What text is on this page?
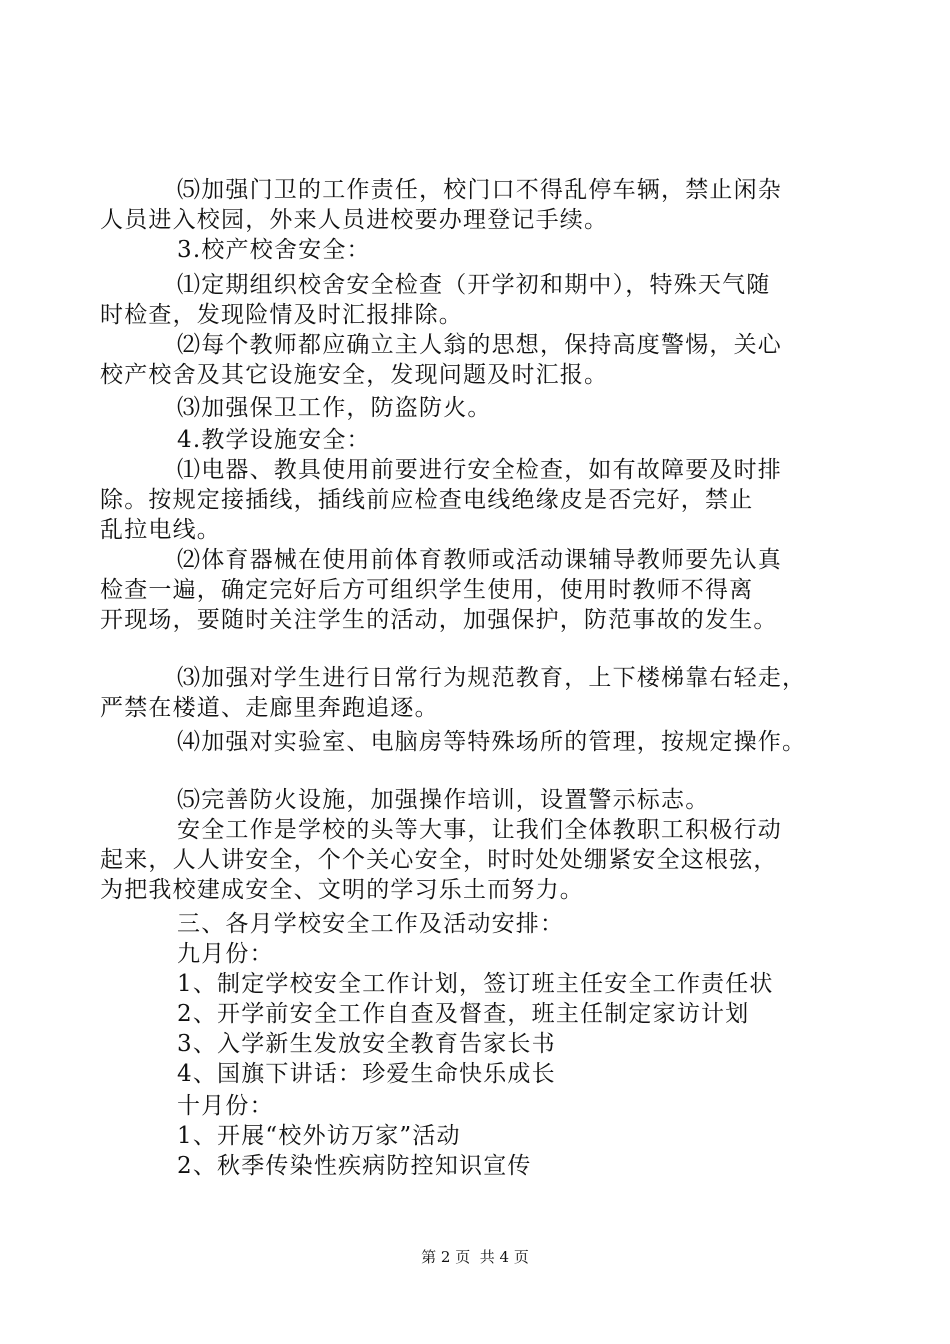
⑸加强门卫的工作责任，校门口不得乱停车辆，禁止闲杂
人员进入校园，外来人员进校要办理登记手续。
3.校产校舍安全：
⑴定期组织校舍安全检查（开学初和期中），特殊天气随
时检查，发现险情及时汇报排除。
⑵每个教师都应确立主人翁的思想，保持高度警惕，关心
校产校舍及其它设施安全，发现问题及时汇报。
⑶加强保卫工作，防盗防火。
4.教学设施安全：
⑴电器、教具使用前要进行安全检查，如有故障要及时排
除。按规定接插线，插线前应检查电线绝缘皮是否完好，禁止
乱拉电线。
⑵体育器械在使用前体育教师或活动课辅导教师要先认真
检查一遍，确定完好后方可组织学生使用，使用时教师不得离
开现场，要随时关注学生的活动，加强保护，防范事故的发生。
⑶加强对学生进行日常行为规范教育，上下楼梯靠右轻走，
严禁在楼道、走廊里奔跑追逐。
⑷加强对实验室、电脑房等特殊场所的管理，按规定操作。
⑸完善防火设施，加强操作培训，设置警示标志。
安全工作是学校的头等大事，让我们全体教职工积极行动
起来，人人讲安全，个个关心安全，时时处处绷紧安全这根弦，
为把我校建成安全、文明的学习乐土而努力。
三、各月学校安全工作及活动安排：
九月份：
1、制定学校安全工作计划，签订班主任安全工作责任状
2、开学前安全工作自查及督查，班主任制定家访计划
3、入学新生发放安全教育告家长书
4、国旗下讲话：珍爱生命快乐成长
十月份：
1、开展“校外访万家”活动
2、秋季传染性疾病防控知识宣传
第 2 页  共 4 页
